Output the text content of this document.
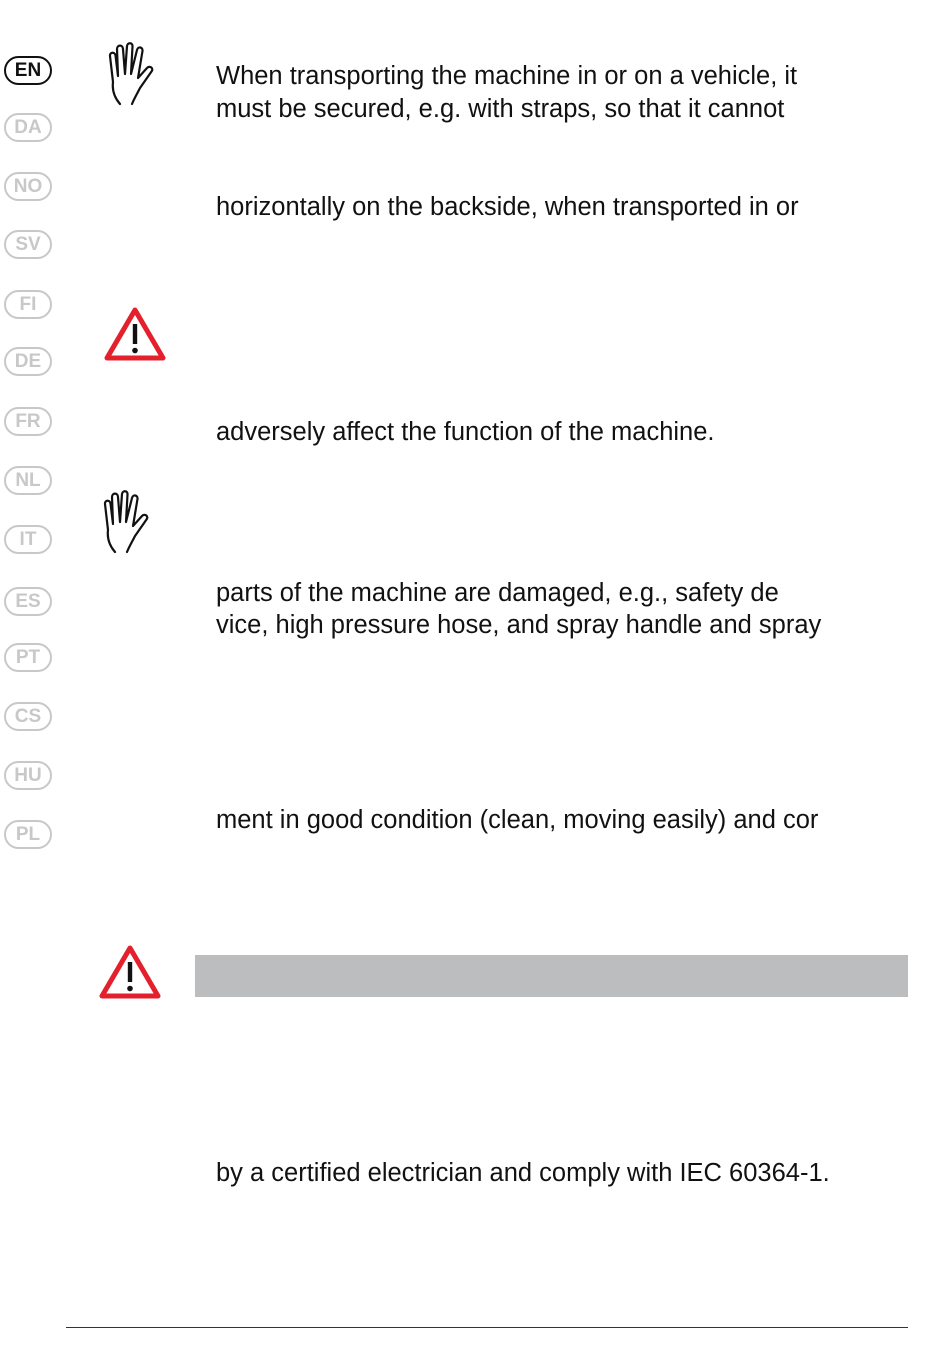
EN
DA
NO
SV
FI
DE
FR
NL
IT
ES
PT
CS
HU
PL
When transporting the machine in or on a vehicle, it
must be secured, e.g. with straps, so that it cannot
horizontally on the backside, when transported in or
adversely affect the function of the machine.
parts of the machine are damaged, e.g., safety de
vice, high pressure hose, and spray handle and spray
ment in good condition (clean, moving easily) and cor
by a certified electrician and comply with IEC 60364-1.
